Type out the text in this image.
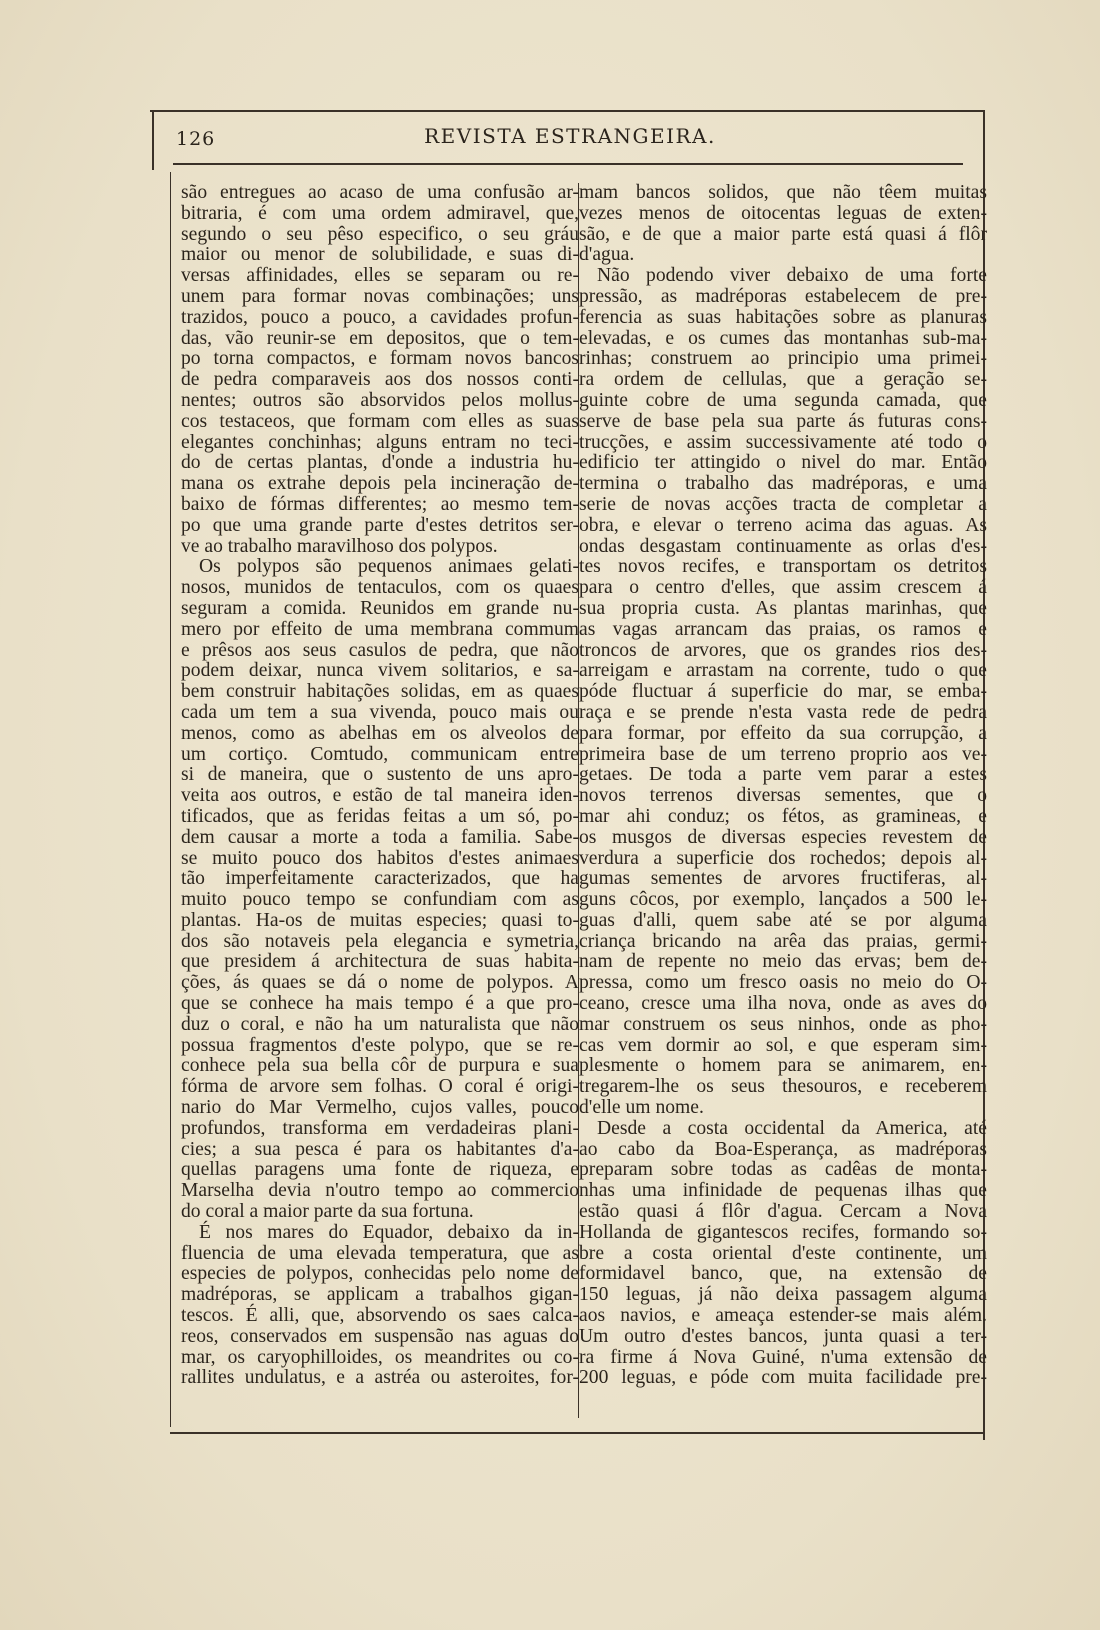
126	REVISTA ESTRANGEIRA.
são entregues ao acaso de uma confusão ar-
bitraria, é com uma ordem admiravel, que,
segundo o seu pêso especifico, o seu gráu
maior ou menor de solubilidade, e suas di-
versas affinidades, elles se separam ou re-
unem para formar novas combinações; uns
trazidos, pouco a pouco, a cavidades profun-
das, vão reunir-se em depositos, que o tem-
po torna compactos, e formam novos bancos
de pedra comparaveis aos dos nossos conti-
nentes; outros são absorvidos pelos mollus-
cos testaceos, que formam com elles as suas
elegantes conchinhas; alguns entram no teci-
do de certas plantas, d'onde a industria hu-
mana os extrahe depois pela incineração de-
baixo de fórmas differentes; ao mesmo tem-
po que uma grande parte d'estes detritos ser-
ve ao trabalho maravilhoso dos polypos.
Os polypos são pequenos animaes gelati-
nosos, munidos de tentaculos, com os quaes
seguram a comida. Reunidos em grande nu-
mero por effeito de uma membrana commum
e prêsos aos seus casulos de pedra, que não
podem deixar, nunca vivem solitarios, e sa-
bem construir habitações solidas, em as quaes
cada um tem a sua vivenda, pouco mais ou
menos, como as abelhas em os alveolos de
um cortiço. Comtudo, communicam entre
si de maneira, que o sustento de uns apro-
veita aos outros, e estão de tal maneira iden-
tificados, que as feridas feitas a um só, po-
dem causar a morte a toda a familia. Sabe-
se muito pouco dos habitos d'estes animaes
tão imperfeitamente caracterizados, que ha
muito pouco tempo se confundiam com as
plantas. Ha-os de muitas especies; quasi to-
dos são notaveis pela elegancia e symetria,
que presidem á architectura de suas habita-
ções, ás quaes se dá o nome de polypos. A
que se conhece ha mais tempo é a que pro-
duz o coral, e não ha um naturalista que não
possua fragmentos d'este polypo, que se re-
conhece pela sua bella côr de purpura e sua
fórma de arvore sem folhas. O coral é origi-
nario do Mar Vermelho, cujos valles, pouco
profundos, transforma em verdadeiras plani-
cies; a sua pesca é para os habitantes d'a-
quellas paragens uma fonte de riqueza, e
Marselha devia n'outro tempo ao commercio
do coral a maior parte da sua fortuna.
É nos mares do Equador, debaixo da in-
fluencia de uma elevada temperatura, que as
especies de polypos, conhecidas pelo nome de
madréporas, se applicam a trabalhos gigan-
tescos. É alli, que, absorvendo os saes calca-
reos, conservados em suspensão nas aguas do
mar, os caryophilloides, os meandrites ou co-
rallites undulatus, e a astréa ou asteroites, for-
mam bancos solidos, que não têem muitas
vezes menos de oitocentas leguas de exten-
são, e de que a maior parte está quasi á flôr
d'agua.
Não podendo viver debaixo de uma forte
pressão, as madréporas estabelecem de pre-
ferencia as suas habitações sobre as planuras
elevadas, e os cumes das montanhas sub-ma-
rinhas; construem ao principio uma primei-
ra ordem de cellulas, que a geração se-
guinte cobre de uma segunda camada, que
serve de base pela sua parte ás futuras cons-
trucções, e assim successivamente até todo o
edificio ter attingido o nivel do mar. Então
termina o trabalho das madréporas, e uma
serie de novas acções tracta de completar a
obra, e elevar o terreno acima das aguas. As
ondas desgastam continuamente as orlas d'es-
tes novos recifes, e transportam os detritos
para o centro d'elles, que assim crescem á
sua propria custa. As plantas marinhas, que
as vagas arrancam das praias, os ramos e
troncos de arvores, que os grandes rios des-
arreigam e arrastam na corrente, tudo o que
póde fluctuar á superficie do mar, se emba-
raça e se prende n'esta vasta rede de pedra
para formar, por effeito da sua corrupção, a
primeira base de um terreno proprio aos ve-
getaes. De toda a parte vem parar a estes
novos terrenos diversas sementes, que o
mar ahi conduz; os fétos, as gramineas, e
os musgos de diversas especies revestem de
verdura a superficie dos rochedos; depois al-
gumas sementes de arvores fructiferas, al-
guns côcos, por exemplo, lançados a 500 le-
guas d'alli, quem sabe até se por alguma
criança bricando na arêa das praias, germi-
nam de repente no meio das ervas; bem de-
pressa, como um fresco oasis no meio do O-
ceano, cresce uma ilha nova, onde as aves do
mar construem os seus ninhos, onde as pho-
cas vem dormir ao sol, e que esperam sim-
plesmente o homem para se animarem, en-
tregarem-lhe os seus thesouros, e receberem
d'elle um nome.
Desde a costa occidental da America, até
ao cabo da Boa-Esperança, as madréporas
preparam sobre todas as cadêas de monta-
nhas uma infinidade de pequenas ilhas que
estão quasi á flôr d'agua. Cercam a Nova
Hollanda de gigantescos recifes, formando so-
bre a costa oriental d'este continente, um
formidavel banco, que, na extensão de
150 leguas, já não deixa passagem alguma
aos navios, e ameaça estender-se mais além.
Um outro d'estes bancos, junta quasi a ter-
ra firme á Nova Guiné, n'uma extensão de
200 leguas, e póde com muita facilidade pre-
